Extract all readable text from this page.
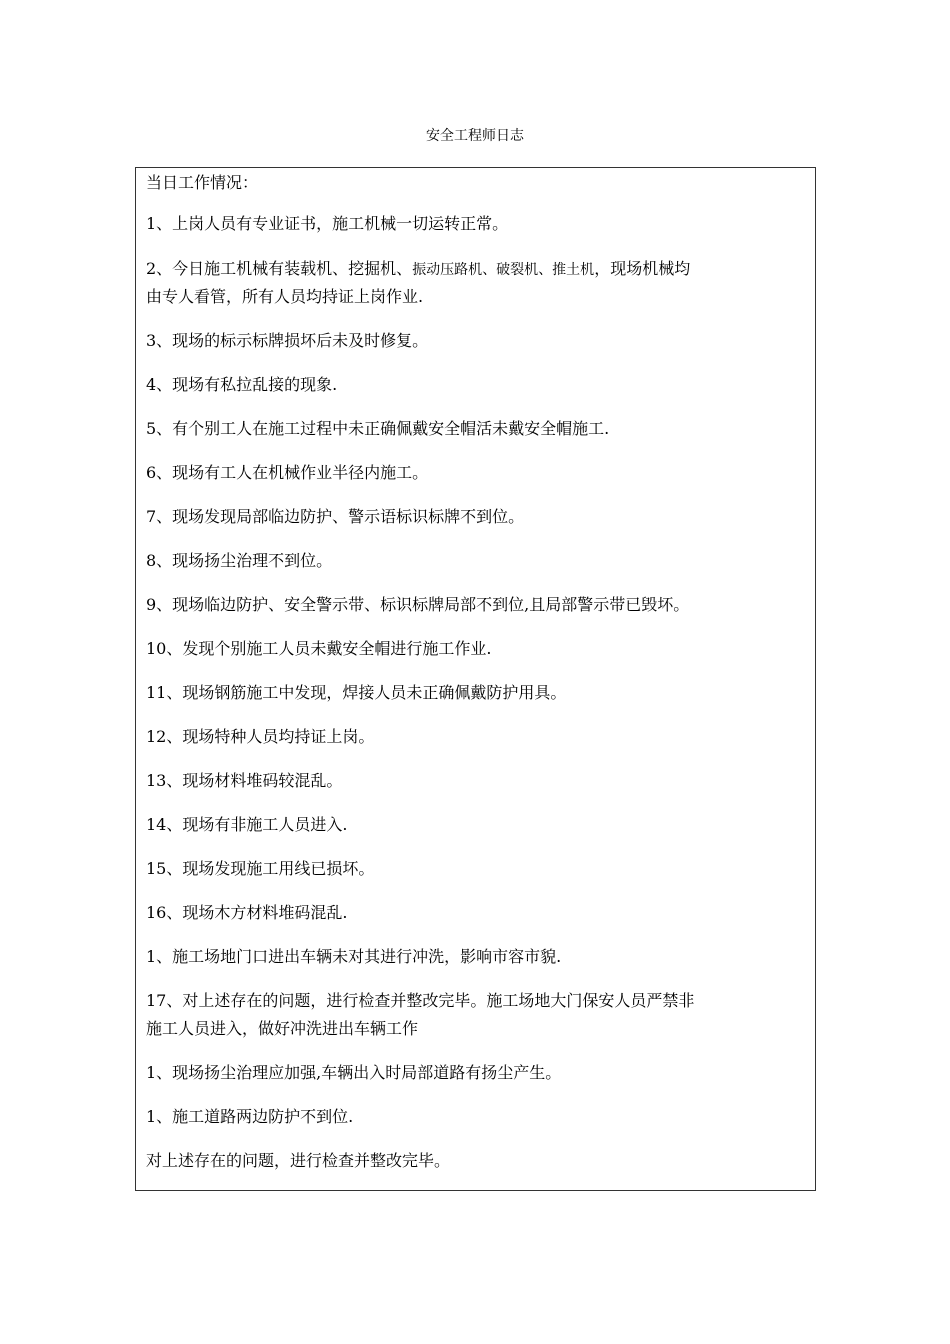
安全工程师日志
当日工作情况：
1、上岗人员有专业证书，施工机械一切运转正常。
2、今日施工机械有装载机、挖掘机、振动压路机、破裂机、推土机，现场机械均
由专人看管，所有人员均持证上岗作业.
3、现场的标示标牌损坏后未及时修复。
4、现场有私拉乱接的现象.
5、有个别工人在施工过程中未正确佩戴安全帽活未戴安全帽施工.
6、现场有工人在机械作业半径内施工。
7、现场发现局部临边防护、警示语标识标牌不到位。
8、现场扬尘治理不到位。
9、现场临边防护、安全警示带、标识标牌局部不到位,且局部警示带已毁坏。
10、发现个别施工人员未戴安全帽进行施工作业.
11、现场钢筋施工中发现，焊接人员未正确佩戴防护用具。
12、现场特种人员均持证上岗。
13、现场材料堆码较混乱。
14、现场有非施工人员进入.
15、现场发现施工用线已损坏。
16、现场木方材料堆码混乱.
1、施工场地门口进出车辆未对其进行冲洗，影响市容市貌.
17、对上述存在的问题，进行检查并整改完毕。施工场地大门保安人员严禁非
施工人员进入，做好冲洗进出车辆工作
1、现场扬尘治理应加强,车辆出入时局部道路有扬尘产生。
1、施工道路两边防护不到位.
对上述存在的问题，进行检查并整改完毕。
